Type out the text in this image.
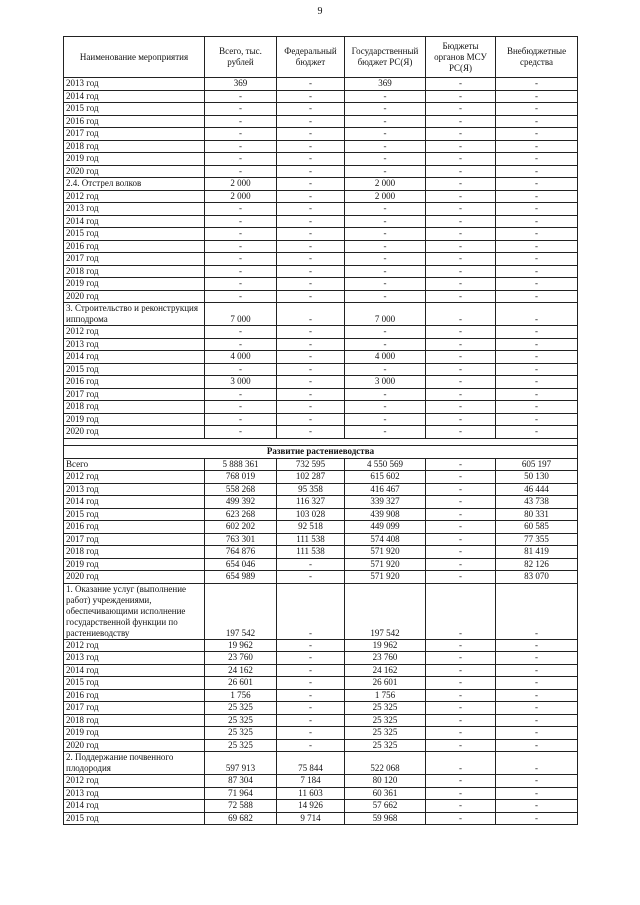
9
Наименование мероприятия	Всего, тыс. рублей	Федеральный бюджет	Государственный бюджет РС(Я)	Бюджеты органов МСУ РС(Я)	Внебюджетные средства
2013 год	369	-	369	-	-
2014 год	-	-	-	-	-
2015 год	-	-	-	-	-
2016 год	-	-	-	-	-
2017 год	-	-	-	-	-
2018 год	-	-	-	-	-
2019 год	-	-	-	-	-
2020 год	-	-	-	-	-
2.4. Отстрел волков	2 000	-	2 000	-	-
2012 год	2 000	-	2 000	-	-
2013 год	-	-	-	-	-
2014 год	-	-	-	-	-
2015 год	-	-	-	-	-
2016 год	-	-	-	-	-
2017 год	-	-	-	-	-
2018 год	-	-	-	-	-
2019 год	-	-	-	-	-
2020 год	-	-	-	-	-
3. Строительство и реконструкция ипподрома	7 000	-	7 000	-	-
2012 год	-	-	-	-	-
2013 год	-	-	-	-	-
2014 год	4 000	-	4 000	-	-
2015 год	-	-	-	-	-
2016 год	3 000	-	3 000	-	-
2017 год	-	-	-	-	-
2018 год	-	-	-	-	-
2019 год	-	-	-	-	-
2020 год	-	-	-	-	-

Развитие растениеводства					
Всего	5 888 361	732 595	4 550 569	-	605 197
2012 год	768 019	102 287	615 602	-	50 130
2013 год	558 268	95 358	416 467	-	46 444
2014 год	499 392	116 327	339 327	-	43 738
2015 год	623 268	103 028	439 908	-	80 331
2016 год	602 202	92 518	449 099	-	60 585
2017 год	763 301	111 538	574 408	-	77 355
2018 год	764 876	111 538	571 920	-	81 419
2019 год	654 046	-	571 920	-	82 126
2020 год	654 989	-	571 920	-	83 070
1. Оказание услуг (выполнение работ) учреждениями, обеспечивающими исполнение государственной функции по растениеводству	197 542	-	197 542	-	-
2012 год	19 962	-	19 962	-	-
2013 год	23 760	-	23 760	-	-
2014 год	24 162	-	24 162	-	-
2015 год	26 601	-	26 601	-	-
2016 год	1 756	-	1 756	-	-
2017 год	25 325	-	25 325	-	-
2018 год	25 325	-	25 325	-	-
2019 год	25 325	-	25 325	-	-
2020 год	25 325	-	25 325	-	-
2. Поддержание почвенного плодородия	597 913	75 844	522 068	-	-
2012 год	87 304	7 184	80 120	-	-
2013 год	71 964	11 603	60 361	-	-
2014 год	72 588	14 926	57 662	-	-
2015 год	69 682	9 714	59 968	-	-
